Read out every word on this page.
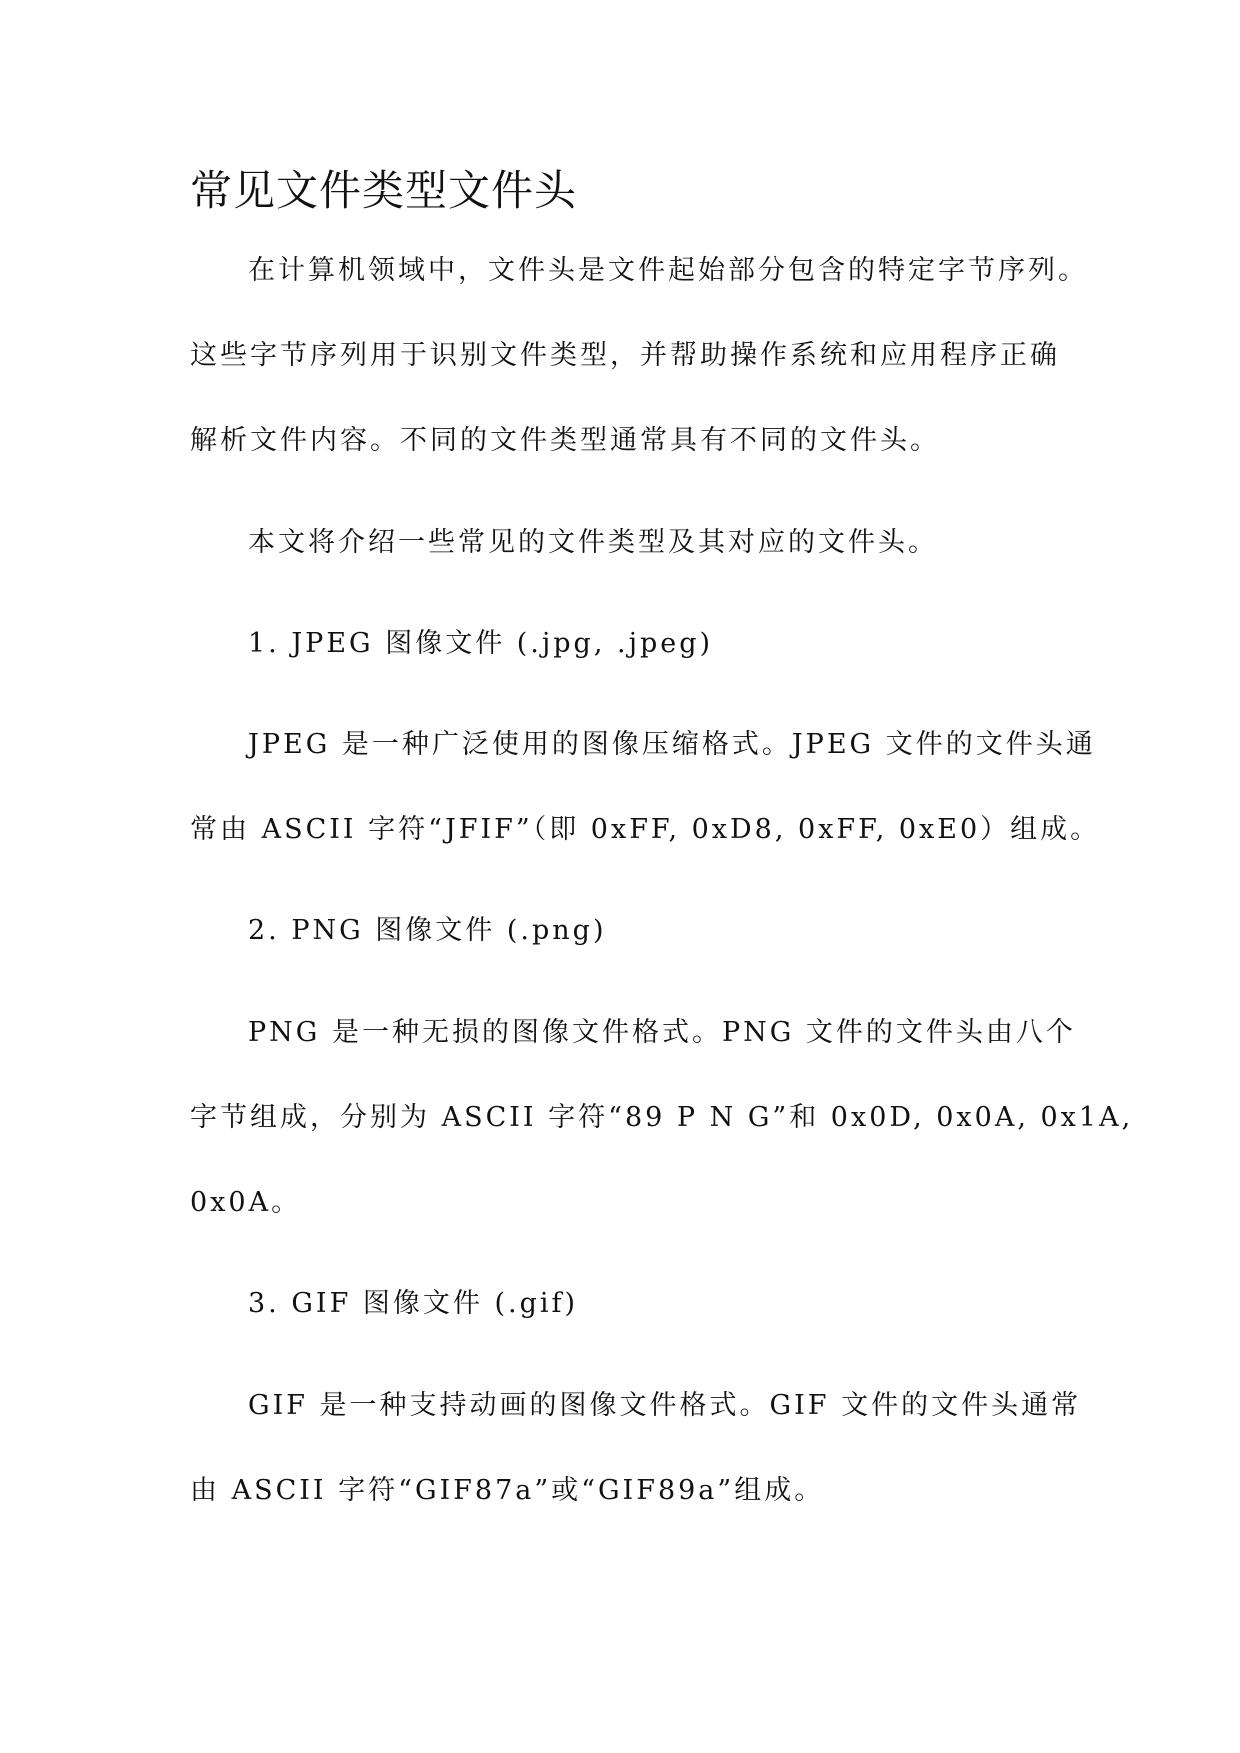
常见文件类型文件头
在计算机领域中，文件头是文件起始部分包含的特定字节序列。
这些字节序列用于识别文件类型，并帮助操作系统和应用程序正确
解析文件内容。不同的文件类型通常具有不同的文件头。
本文将介绍一些常见的文件类型及其对应的文件头。
1. JPEG 图像文件 (.jpg, .jpeg)
JPEG 是一种广泛使用的图像压缩格式。JPEG 文件的文件头通
常由 ASCII 字符“JFIF”（即 0xFF, 0xD8, 0xFF, 0xE0）组成。
2. PNG 图像文件 (.png)
PNG 是一种无损的图像文件格式。PNG 文件的文件头由八个
字节组成，分别为 ASCII 字符“89 P N G”和 0x0D, 0x0A, 0x1A,
0x0A。
3. GIF 图像文件 (.gif)
GIF 是一种支持动画的图像文件格式。GIF 文件的文件头通常
由 ASCII 字符“GIF87a”或“GIF89a”组成。
